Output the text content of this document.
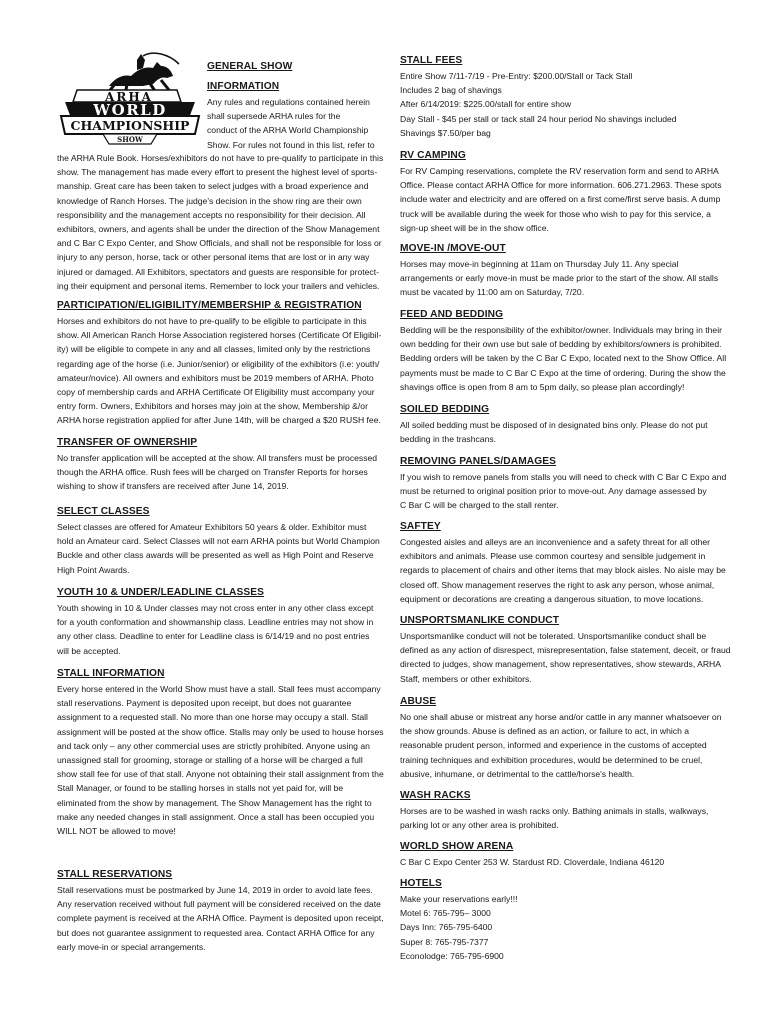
ARHA
WORLD
CHAMPIONSHIP
SHOW
GENERAL SHOW
INFORMATION
Any rules and regulations contained herein
shall supersede ARHA rules for the
conduct of the ARHA World Championship
Show. For rules not found in this list, refer to
the ARHA Rule Book. Horses/exhibitors do not have to pre-qualify to participate in this
show. The management has made every effort to present the highest level of sports-
manship. Great care has been taken to select judges with a broad experience and
knowledge of Ranch Horses. The judge's decision in the show ring are their own
responsibility and the management accepts no responsibility for their decision. All
exhibitors, owners, and agents shall be under the direction of the Show Management
and C Bar C Expo Center, and Show Officials, and shall not be responsible for loss or
injury to any person, horse, tack or other personal items that are lost or in any way
injured or damaged. All Exhibitors, spectators and guests are responsible for protect-
ing their equipment and personal items. Remember to lock your trailers and vehicles.
PARTICIPATION/ELIGIBILITY/MEMBERSHIP & REGISTRATION
Horses and exhibitors do not have to pre-qualify to be eligible to participate in this
show. All American Ranch Horse Association registered horses (Certificate Of Eligibil-
ity) will be eligible to compete in any and all classes, limited only by the restrictions
regarding age of the horse (i.e. Junior/senior) or eligibility of the exhibitors (i.e: youth/
amateur/novice). All owners and exhibitors must be 2019 members of ARHA. Photo
copy of membership cards and ARHA Certificate Of Eligibility must accompany your
entry form. Owners, Exhibitors and horses may join at the show, Membership &/or
ARHA horse registration applied for after June 14th, will be charged a $20 RUSH fee.
TRANSFER OF OWNERSHIP
No transfer application will be accepted at the show. All transfers must be processed
though the ARHA office. Rush fees will be charged on Transfer Reports for horses
wishing to show if transfers are received after June 14, 2019.
SELECT CLASSES
Select classes are offered for Amateur Exhibitors 50 years & older. Exhibitor must
hold an Amateur card. Select Classes will not earn ARHA points but World Champion
Buckle and other class awards will be presented as well as High Point and Reserve
High Point Awards.
YOUTH 10 & UNDER/LEADLINE CLASSES
Youth showing in 10 & Under classes may not cross enter in any other class except
for a youth conformation and showmanship class. Leadline entries may not show in
any other class. Deadline to enter for Leadline class is 6/14/19 and no post entries
will be accepted.
STALL INFORMATION
Every horse entered in the World Show must have a stall. Stall fees must accompany
stall reservations. Payment is deposited upon receipt, but does not guarantee
assignment to a requested stall. No more than one horse may occupy a stall. Stall
assignment will be posted at the show office. Stalls may only be used to house horses
and tack only – any other commercial uses are strictly prohibited. Anyone using an
unassigned stall for grooming, storage or stalling of a horse will be charged a full
show stall fee for use of that stall. Anyone not obtaining their stall assignment from the
Stall Manager, or found to be stalling horses in stalls not yet paid for, will be
eliminated from the show by management. The Show Management has the right to
make any needed changes in stall assignment. Once a stall has been occupied you
WILL NOT be allowed to move!
STALL RESERVATIONS
Stall reservations must be postmarked by June 14, 2019 in order to avoid late fees.
Any reservation received without full payment will be considered received on the date
complete payment is received at the ARHA Office. Payment is deposited upon receipt,
but does not guarantee assignment to requested area. Contact ARHA Office for any
early move-in or special arrangements.
STALL FEES
Entire Show 7/11-7/19 - Pre-Entry: $200.00/Stall or Tack Stall
Includes 2 bag of shavings
After 6/14/2019: $225.00/stall for entire show
Day Stall - $45 per stall or tack stall 24 hour period No shavings included
Shavings $7.50/per bag
RV CAMPING
For RV Camping reservations, complete the RV reservation form and send to ARHA
Office. Please contact ARHA Office for more information. 606.271.2963. These spots
include water and electricity and are offered on a first come/first serve basis. A dump
truck will be available during the week for those who wish to pay for this service, a
sign-up sheet will be in the show office.
MOVE-IN /MOVE-OUT
Horses may move-in beginning at 11am on Thursday July 11. Any special
arrangements or early move-in must be made prior to the start of the show. All stalls
must be vacated by 11:00 am on Saturday, 7/20.
FEED AND BEDDING
Bedding will be the responsibility of the exhibitor/owner. Individuals may bring in their
own bedding for their own use but sale of bedding by exhibitors/owners is prohibited.
Bedding orders will be taken by the C Bar C Expo, located next to the Show Office. All
payments must be made to C Bar C Expo at the time of ordering. During the show the
shavings office is open from 8 am to 5pm daily, so please plan accordingly!
SOILED BEDDING
All soiled bedding must be disposed of in designated bins only. Please do not put
bedding in the trashcans.
REMOVING PANELS/DAMAGES
If you wish to remove panels from stalls you will need to check with C Bar C Expo and
must be returned to original position prior to move-out. Any damage assessed by
C Bar C will be charged to the stall renter.
SAFTEY
Congested aisles and alleys are an inconvenience and a safety threat for all other
exhibitors and animals. Please use common courtesy and sensible judgement in
regards to placement of chairs and other items that may block aisles. No aisle may be
closed off. Show management reserves the right to ask any person, whose animal,
equipment or decorations are creating a dangerous situation, to move locations.
UNSPORTSMANLIKE CONDUCT
Unsportsmanlike conduct will not be tolerated. Unsportsmanlike conduct shall be
defined as any action of disrespect, misrepresentation, false statement, deceit, or fraud
directed to judges, show management, show representatives, show stewards, ARHA
Staff, members or other exhibitors.
ABUSE
No one shall abuse or mistreat any horse and/or cattle in any manner whatsoever on
the show grounds. Abuse is defined as an action, or failure to act, in which a
reasonable prudent person, informed and experience in the customs of accepted
training techniques and exhibition procedures, would be determined to be cruel,
abusive, inhumane, or detrimental to the cattle/horse's health.
WASH RACKS
Horses are to be washed in wash racks only. Bathing animals in stalls, walkways,
parking lot or any other area is prohibited.
WORLD SHOW ARENA
C Bar C Expo Center 253 W. Stardust RD. Cloverdale, Indiana 46120
HOTELS
Make your reservations early!!!
Motel 6: 765-795– 3000
Days Inn: 765-795-6400
Super 8: 765-795-7377
Econolodge: 765-795-6900
